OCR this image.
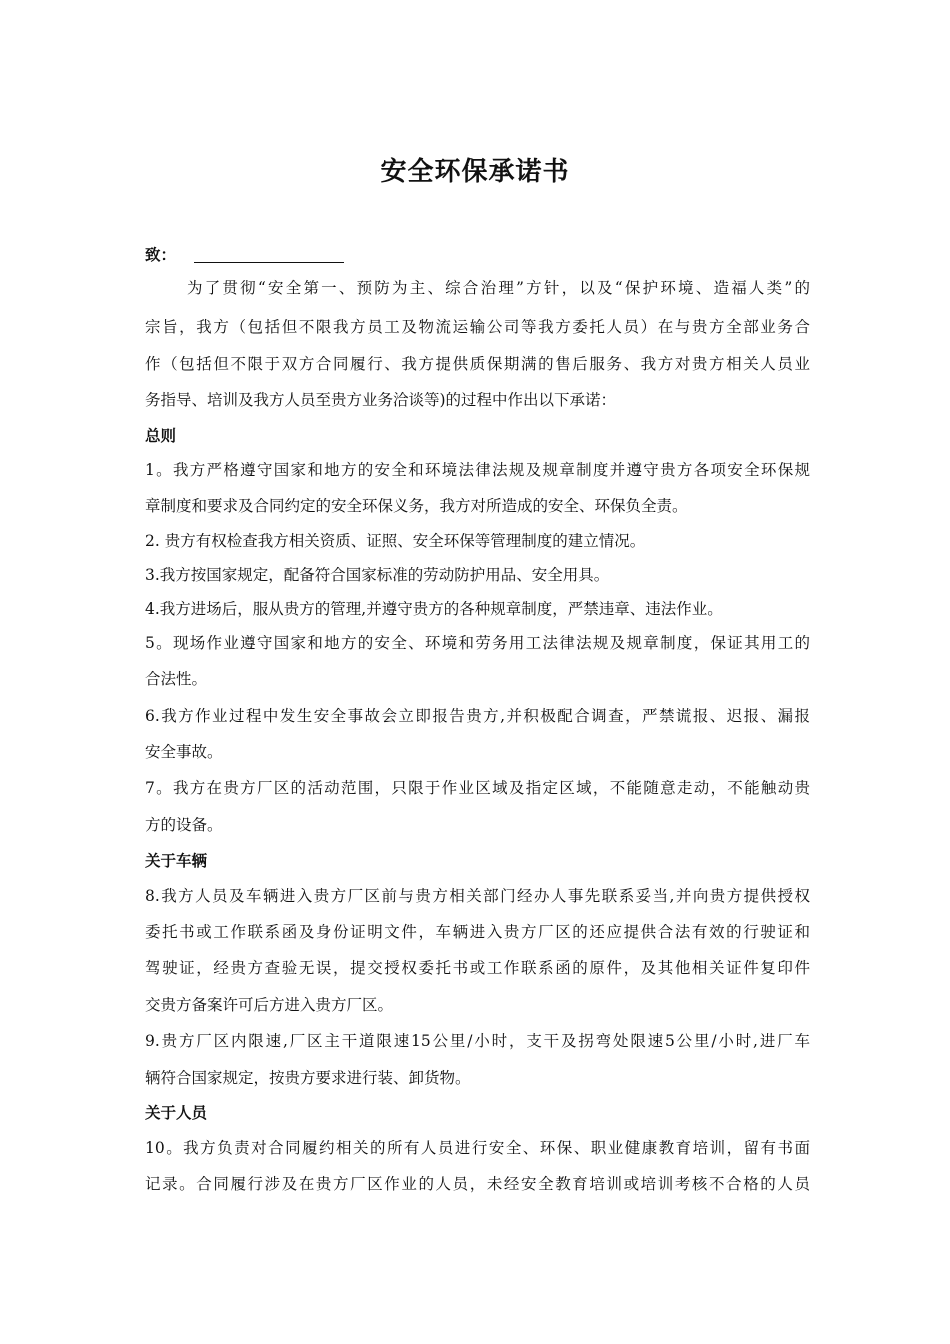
安全环保承诺书
致：
为了贯彻“安全第一、预防为主、综合治理”方针，以及“保护环境、造福人类”的
宗旨，我方（包括但不限我方员工及物流运输公司等我方委托人员）在与贵方全部业务合
作（包括但不限于双方合同履行、我方提供质保期满的售后服务、我方对贵方相关人员业
务指导、培训及我方人员至贵方业务洽谈等)的过程中作出以下承诺：
总则
1。我方严格遵守国家和地方的安全和环境法律法规及规章制度并遵守贵方各项安全环保规
章制度和要求及合同约定的安全环保义务，我方对所造成的安全、环保负全责。
2. 贵方有权检查我方相关资质、证照、安全环保等管理制度的建立情况。
3.我方按国家规定，配备符合国家标准的劳动防护用品、安全用具。
4.我方进场后，服从贵方的管理,并遵守贵方的各种规章制度，严禁违章、违法作业。
5。现场作业遵守国家和地方的安全、环境和劳务用工法律法规及规章制度，保证其用工的
合法性。
6.我方作业过程中发生安全事故会立即报告贵方,并积极配合调查，严禁谎报、迟报、漏报
安全事故。
7。我方在贵方厂区的活动范围，只限于作业区域及指定区域，不能随意走动，不能触动贵
方的设备。
关于车辆
8.我方人员及车辆进入贵方厂区前与贵方相关部门经办人事先联系妥当,并向贵方提供授权
委托书或工作联系函及身份证明文件，车辆进入贵方厂区的还应提供合法有效的行驶证和
驾驶证，经贵方查验无误，提交授权委托书或工作联系函的原件，及其他相关证件复印件
交贵方备案许可后方进入贵方厂区。
9.贵方厂区内限速,厂区主干道限速15公里/小时，支干及拐弯处限速5公里/小时,进厂车
辆符合国家规定，按贵方要求进行装、卸货物。
关于人员
10。我方负责对合同履约相关的所有人员进行安全、环保、职业健康教育培训，留有书面
记录。合同履行涉及在贵方厂区作业的人员，未经安全教育培训或培训考核不合格的人员
